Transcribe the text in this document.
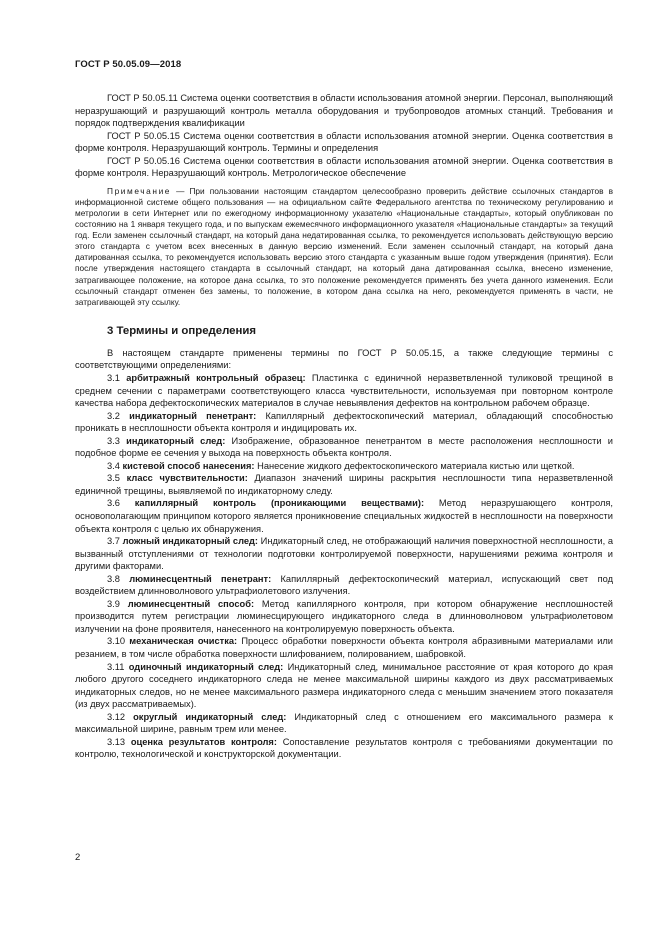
ГОСТ Р 50.05.09—2018

ГОСТ Р 50.05.11 Система оценки соответствия в области использования атомной энергии. Персонал, выполняющий неразрушающий и разрушающий контроль металла оборудования и трубопроводов атомных станций. Требования и порядок подтверждения квалификации

ГОСТ Р 50.05.15 Система оценки соответствия в области использования атомной энергии. Оценка соответствия в форме контроля. Неразрушающий контроль. Термины и определения

ГОСТ Р 50.05.16 Система оценки соответствия в области использования атомной энергии. Оценка соответствия в форме контроля. Неразрушающий контроль. Метрологическое обеспечение

Примечание — При пользовании настоящим стандартом целесообразно проверить действие ссылочных стандартов в информационной системе общего пользования — на официальном сайте Федерального агентства по техническому регулированию и метрологии в сети Интернет или по ежегодному информационному указателю «Национальные стандарты», который опубликован по состоянию на 1 января текущего года, и по выпускам ежемесячного информационного указателя «Национальные стандарты» за текущий год. Если заменен ссылочный стандарт, на который дана недатированная ссылка, то рекомендуется использовать действующую версию этого стандарта с учетом всех внесенных в данную версию изменений. Если заменен ссылочный стандарт, на который дана датированная ссылка, то рекомендуется использовать версию этого стандарта с указанным выше годом утверждения (принятия). Если после утверждения настоящего стандарта в ссылочный стандарт, на который дана датированная ссылка, внесено изменение, затрагивающее положение, на которое дана ссылка, то это положение рекомендуется применять без учета данного изменения. Если ссылочный стандарт отменен без замены, то положение, в котором дана ссылка на него, рекомендуется применять в части, не затрагивающей эту ссылку.

3 Термины и определения

В настоящем стандарте применены термины по ГОСТ Р 50.05.15, а также следующие термины с соответствующими определениями:

3.1 арбитражный контрольный образец: Пластинка с единичной неразветвленной туликовой трещиной в среднем сечении с параметрами соответствующего класса чувствительности, используемая при повторном контроле качества набора дефектоскопических материалов в случае невыявления дефектов на контрольном рабочем образце.

3.2 индикаторный пенетрант: Капиллярный дефектоскопический материал, обладающий способностью проникать в несплошности объекта контроля и индицировать их.

3.3 индикаторный след: Изображение, образованное пенетрантом в месте расположения несплошности и подобное форме ее сечения у выхода на поверхность объекта контроля.

3.4 кистевой способ нанесения: Нанесение жидкого дефектоскопического материала кистью или щеткой.

3.5 класс чувствительности: Диапазон значений ширины раскрытия несплошности типа неразветвленной единичной трещины, выявляемой по индикаторному следу.

3.6 капиллярный контроль (проникающими веществами): Метод неразрушающего контроля, основополагающим принципом которого является проникновение специальных жидкостей в несплошности на поверхности объекта контроля с целью их обнаружения.

3.7 ложный индикаторный след: Индикаторный след, не отображающий наличия поверхностной несплошности, а вызванный отступлениями от технологии подготовки контролируемой поверхности, нарушениями режима контроля и другими факторами.

3.8 люминесцентный пенетрант: Капиллярный дефектоскопический материал, испускающий свет под воздействием длинноволнового ультрафиолетового излучения.

3.9 люминесцентный способ: Метод капиллярного контроля, при котором обнаружение несплошностей производится путем регистрации люминесцирующего индикаторного следа в длинноволновом ультрафиолетовом излучении на фоне проявителя, нанесенного на контролируемую поверхность объекта.

3.10 механическая очистка: Процесс обработки поверхности объекта контроля абразивными материалами или резанием, в том числе обработка поверхности шлифованием, полированием, шабровкой.

3.11 одиночный индикаторный след: Индикаторный след, минимальное расстояние от края которого до края любого другого соседнего индикаторного следа не менее максимальной ширины каждого из двух рассматриваемых индикаторных следов, но не менее максимального размера индикаторного следа с меньшим значением этого показателя (из двух рассматриваемых).

3.12 округлый индикаторный след: Индикаторный след с отношением его максимального размера к максимальной ширине, равным трем или менее.

3.13 оценка результатов контроля: Сопоставление результатов контроля с требованиями документации по контролю, технологической и конструкторской документации.

2
